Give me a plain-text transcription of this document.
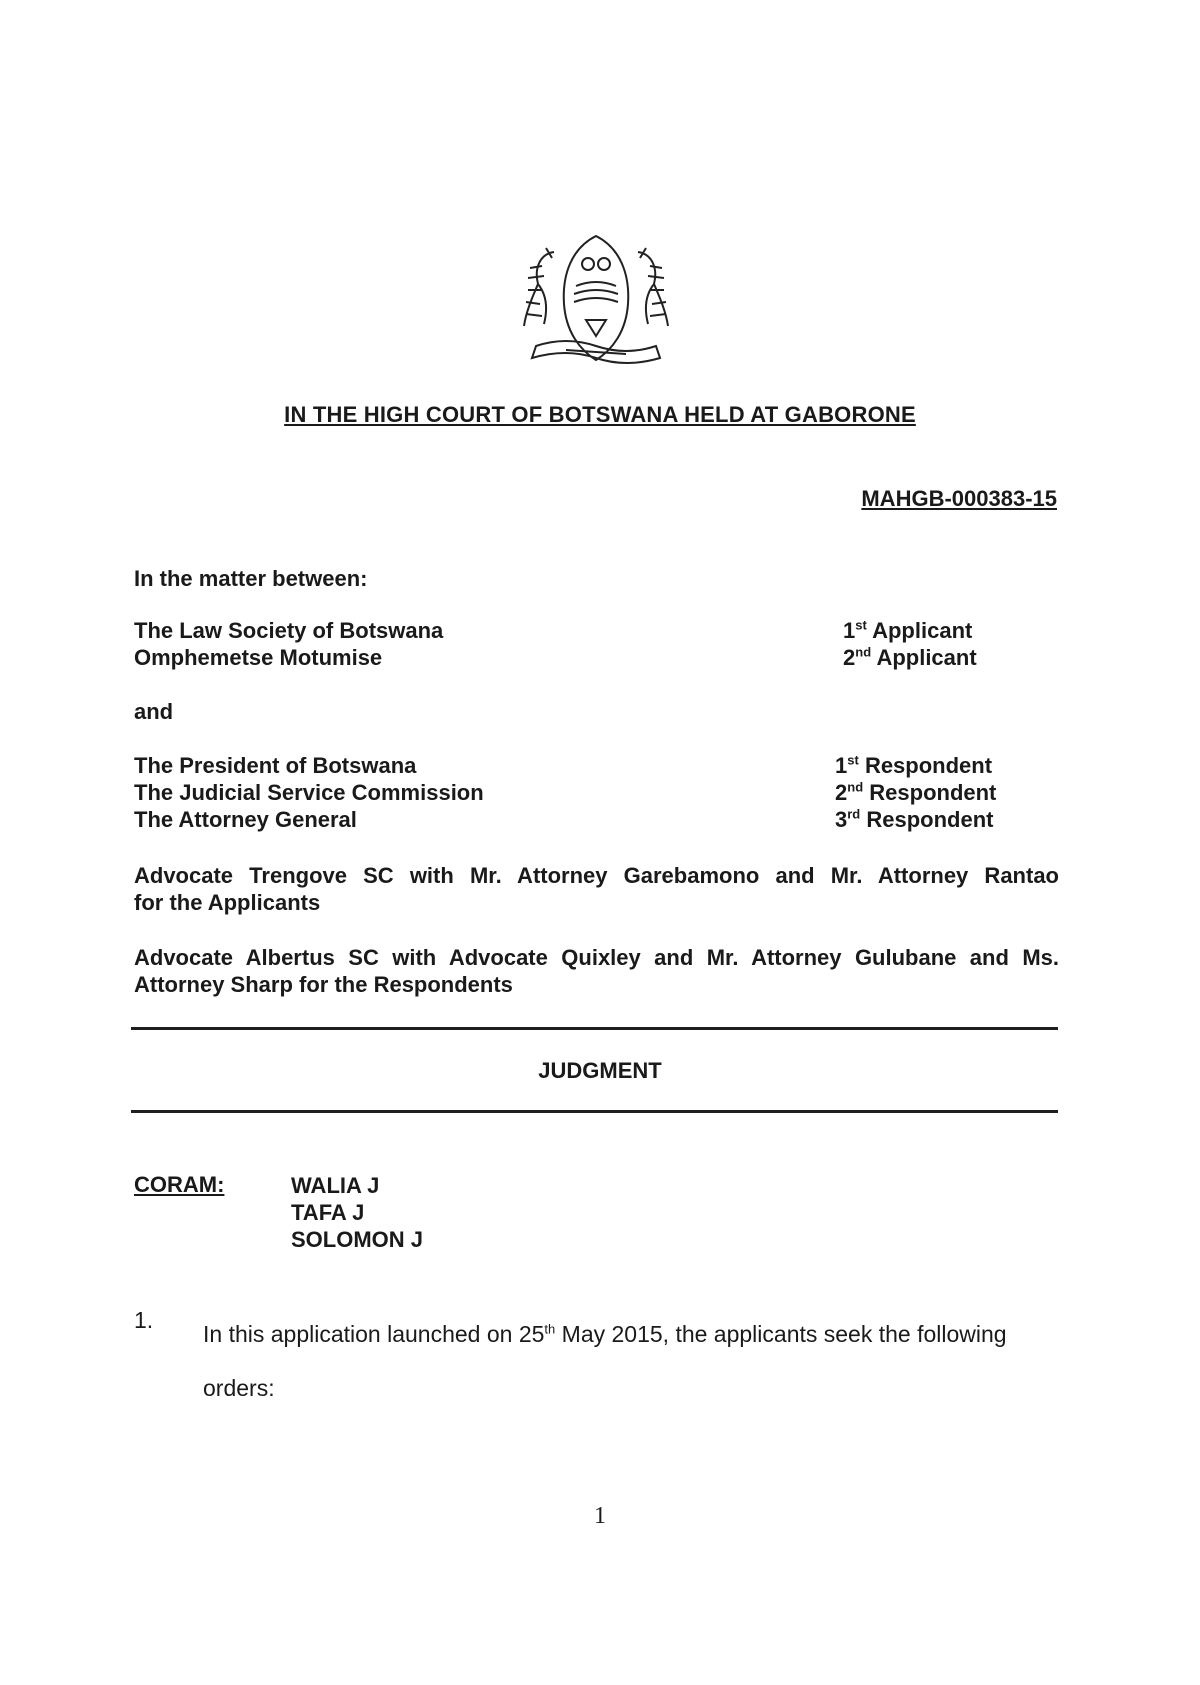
IN THE HIGH COURT OF BOTSWANA HELD AT GABORONE
MAHGB-000383-15
In the matter between:
The Law Society of Botswana	1st Applicant
Omphemetse Motumise	2nd Applicant
and
The President of Botswana	1st Respondent
The Judicial Service Commission	2nd Respondent
The Attorney General	3rd Respondent
Advocate Trengove SC with Mr. Attorney Garebamono and Mr. Attorney Rantao
for the Applicants
Advocate Albertus SC with Advocate Quixley and Mr. Attorney Gulubane and Ms.
Attorney Sharp for the Respondents
JUDGMENT
CORAM:	WALIA J
TAFA J
SOLOMON J
1.
In this application launched on 25th May 2015, the applicants seek the following
orders:
1
